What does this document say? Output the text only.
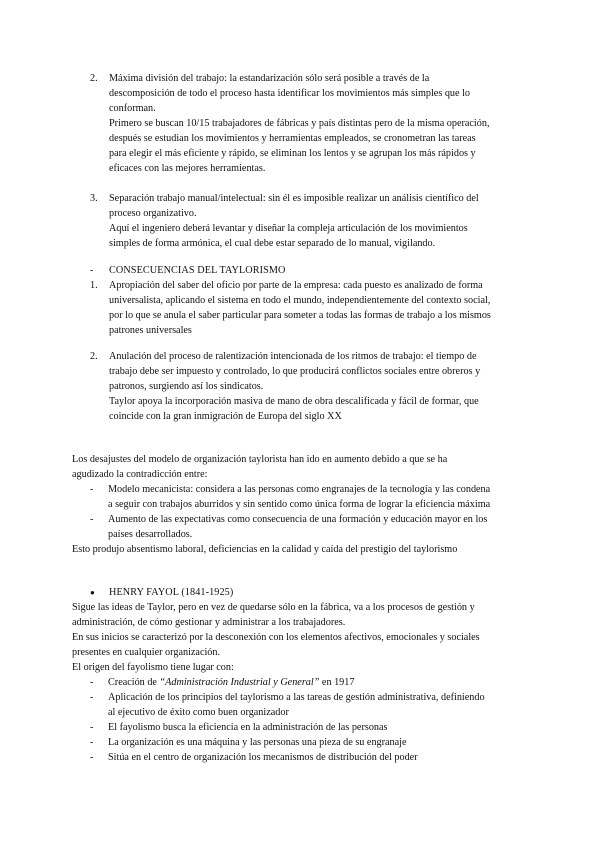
2. Máxima división del trabajo: la estandarización sólo será posible a través de la
descomposición de todo el proceso hasta identificar los movimientos más simples que lo
conforman.
Primero se buscan 10/15 trabajadores de fábricas y país distintas pero de la misma operación,
después se estudian los movimientos y herramientas empleados, se cronometran las tareas
para elegir el más eficiente y rápido, se eliminan los lentos y se agrupan los más rápidos y
eficaces con las mejores herramientas.
3. Separación trabajo manual/intelectual: sin él es imposible realizar un análisis científico del
proceso organizativo.
Aquí el ingeniero deberá levantar y diseñar la compleja articulación de los movimientos
simples de forma armónica, el cual debe estar separado de lo manual, vigilando.
- CONSECUENCIAS DEL TAYLORISMO
1. Apropiación del saber del oficio por parte de la empresa: cada puesto es analizado de forma
universalista, aplicando el sistema en todo el mundo, independientemente del contexto social,
por lo que se anula el saber particular para someter a todas las formas de trabajo a los mismos
patrones universales
2. Anulación del proceso de ralentización intencionada de los ritmos de trabajo: el tiempo de
trabajo debe ser impuesto y controlado, lo que producirá conflictos sociales entre obreros y
patronos, surgiendo así los sindicatos.
Taylor apoya la incorporación masiva de mano de obra descalificada y fácil de formar, que
coincide con la gran inmigración de Europa del siglo XX
Los desajustes del modelo de organización taylorista han ido en aumento debido a que se ha
agudizado la contradicción entre:
- Modelo mecanicista: considera a las personas como engranajes de la tecnología y las condena
a seguir con trabajos aburridos y sin sentido como única forma de lograr la eficiencia máxima
- Aumento de las expectativas como consecuencia de una formación y educación mayor en los
países desarrollados.
Esto produjo absentismo laboral, deficiencias en la calidad y caída del prestigio del taylorismo
● HENRY FAYOL (1841-1925)
Sigue las ideas de Taylor, pero en vez de quedarse sólo en la fábrica, va a los procesos de gestión y
administración, de cómo gestionar y administrar a los trabajadores.
En sus inicios se caracterizó por la desconexión con los elementos afectivos, emocionales y sociales
presentes en cualquier organización.
El origen del fayolismo tiene lugar con:
- Creación de “Administración Industrial y General” en 1917
- Aplicación de los principios del taylorismo a las tareas de gestión administrativa, definiendo
al ejecutivo de éxito como buen organizador
- El fayolismo busca la eficiencia en la administración de las personas
- La organización es una máquina y las personas una pieza de su engranaje
- Sitúa en el centro de organización los mecanismos de distribución del poder
